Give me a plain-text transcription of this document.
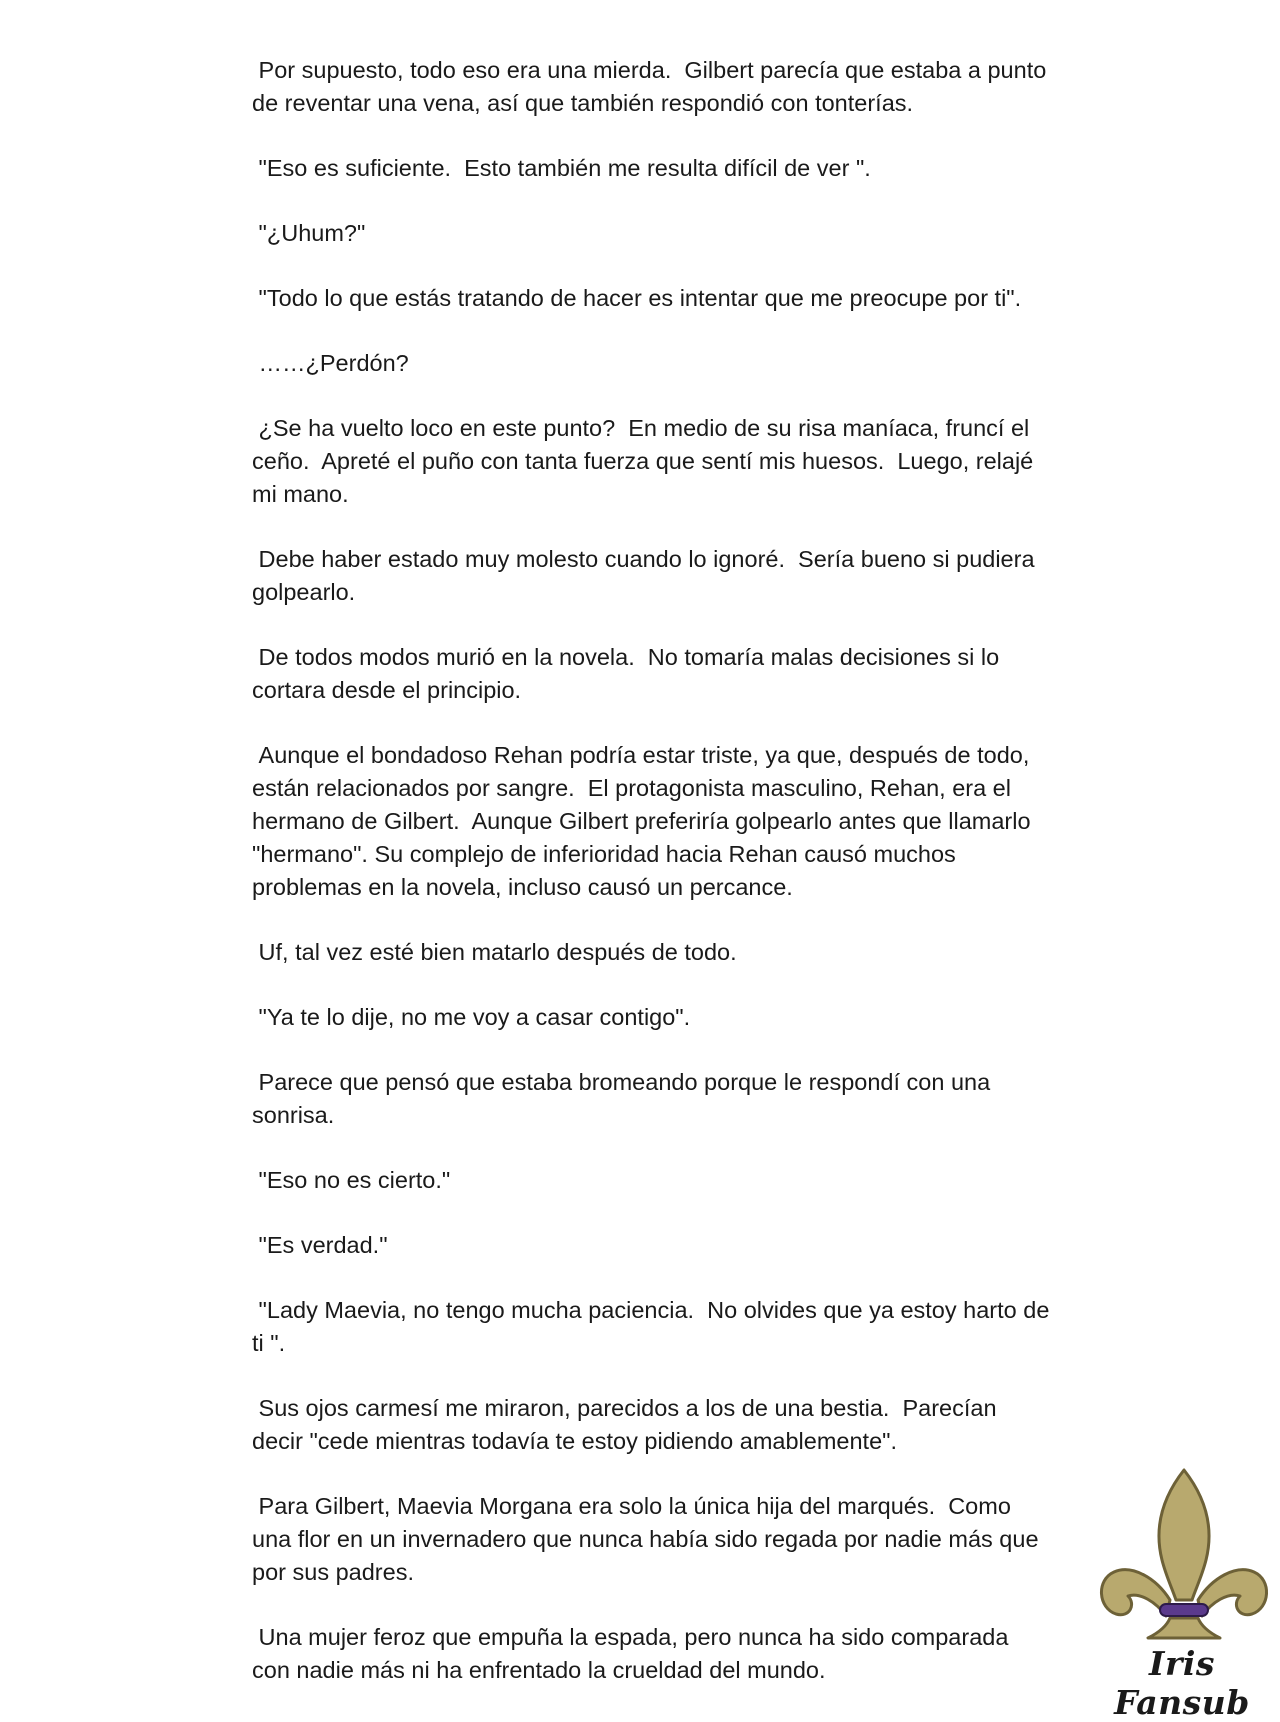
Por supuesto, todo eso era una mierda.  Gilbert parecía que estaba a punto de reventar una vena, así que también respondió con tonterías.

"Eso es suficiente.  Esto también me resulta difícil de ver ".

"¿Uhum?"

"Todo lo que estás tratando de hacer es intentar que me preocupe por ti".

……¿Perdón?

¿Se ha vuelto loco en este punto?  En medio de su risa maníaca, fruncí el ceño.  Apreté el puño con tanta fuerza que sentí mis huesos.  Luego, relajé mi mano.

Debe haber estado muy molesto cuando lo ignoré.  Sería bueno si pudiera golpearlo.

De todos modos murió en la novela.  No tomaría malas decisiones si lo cortara desde el principio.

Aunque el bondadoso Rehan podría estar triste, ya que, después de todo, están relacionados por sangre.  El protagonista masculino, Rehan, era el hermano de Gilbert.  Aunque Gilbert preferiría golpearlo antes que llamarlo "hermano". Su complejo de inferioridad hacia Rehan causó muchos problemas en la novela, incluso causó un percance.

Uf, tal vez esté bien matarlo después de todo.

"Ya te lo dije, no me voy a casar contigo".

Parece que pensó que estaba bromeando porque le respondí con una sonrisa.

"Eso no es cierto."

"Es verdad."

"Lady Maevia, no tengo mucha paciencia.  No olvides que ya estoy harto de ti ".

Sus ojos carmesí me miraron, parecidos a los de una bestia.  Parecían decir "cede mientras todavía te estoy pidiendo amablemente".

Para Gilbert, Maevia Morgana era solo la única hija del marqués.  Como una flor en un invernadero que nunca había sido regada por nadie más que por sus padres.

Una mujer feroz que empuña la espada, pero nunca ha sido comparada con nadie más ni ha enfrentado la crueldad del mundo.	Iris Fansub
